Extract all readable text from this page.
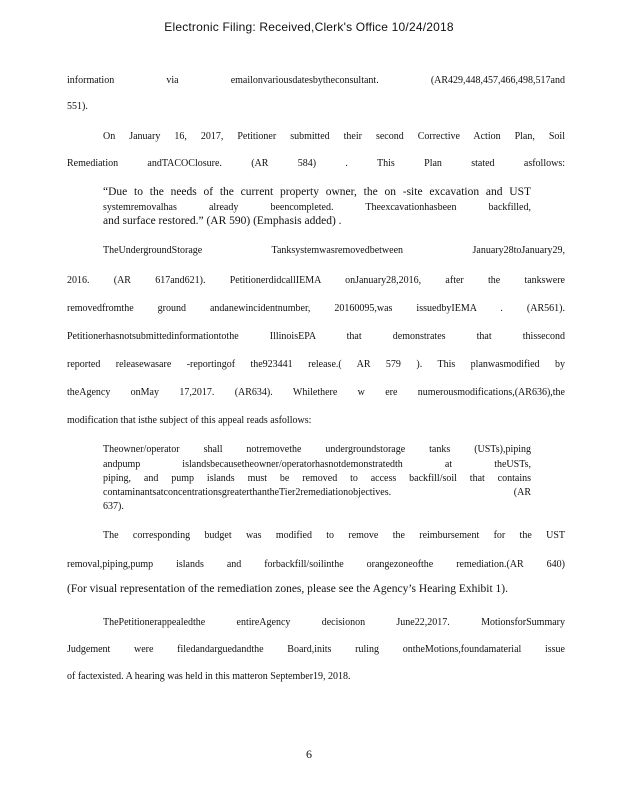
Electronic Filing: Received,Clerk's Office 10/24/2018
information via emailonvariousdatesbytheconsultant. (AR429,448,457,466,498,517and
551).
On January 16, 2017, Petitioner submitted their second Corrective Action Plan, Soil
Remediation andTACOClosure. (AR 584) . This Plan stated asfollows:
“Due to the needs of the current property owner, the on -site excavation and UST
systemremovalhas already beencompleted. Theexcavationhasbeen backfilled,
and surface restored.” (AR 590) (Emphasis added) .
TheUndergroundStorage Tanksystemwasremovedbetween January28toJanuary29,
2016. (AR 617and621). PetitionerdidcallIEMA onJanuary28,2016, after the tankswere
removedfromthe ground andanewincidentnumber, 20160095,was issuedbyIEMA . (AR561).
Petitionerhasnotsubmittedinformationtothe IllinoisEPA that demonstrates that thissecond
reported releasewasare -reportingof the923441 release.( AR 579 ). This planwasmodified by
theAgency onMay 17,2017. (AR634). Whilethere w ere numerousmodifications,(AR636),the
modification that isthe subject of this appeal reads asfollows:
Theowner/operator shall notremovethe undergroundstorage tanks (USTs),piping
andpump islandsbecausetheowner/operatorhasnotdemonstratedth at theUSTs,
piping, and pump islands must be removed to access backfill/soil that contains
contaminantsatconcentrationsgreaterthantheTier2remediationobjectives. (AR
637).
The corresponding budget was modified to remove the reimbursement for the UST
removal,piping,pump islands and forbackfill/soilinthe orangezoneofthe remediation.(AR 640)
(For visual representation of the remediation zones, please see the Agency’s Hearing Exhibit 1).
ThePetitionerappealedthe entireAgency decisionon June22,2017. MotionsforSummary
Judgement were filedandarguedandthe Board,inits ruling ontheMotions,foundamaterial issue
of factexisted. A hearing was held in this matteron September19, 2018.
6
